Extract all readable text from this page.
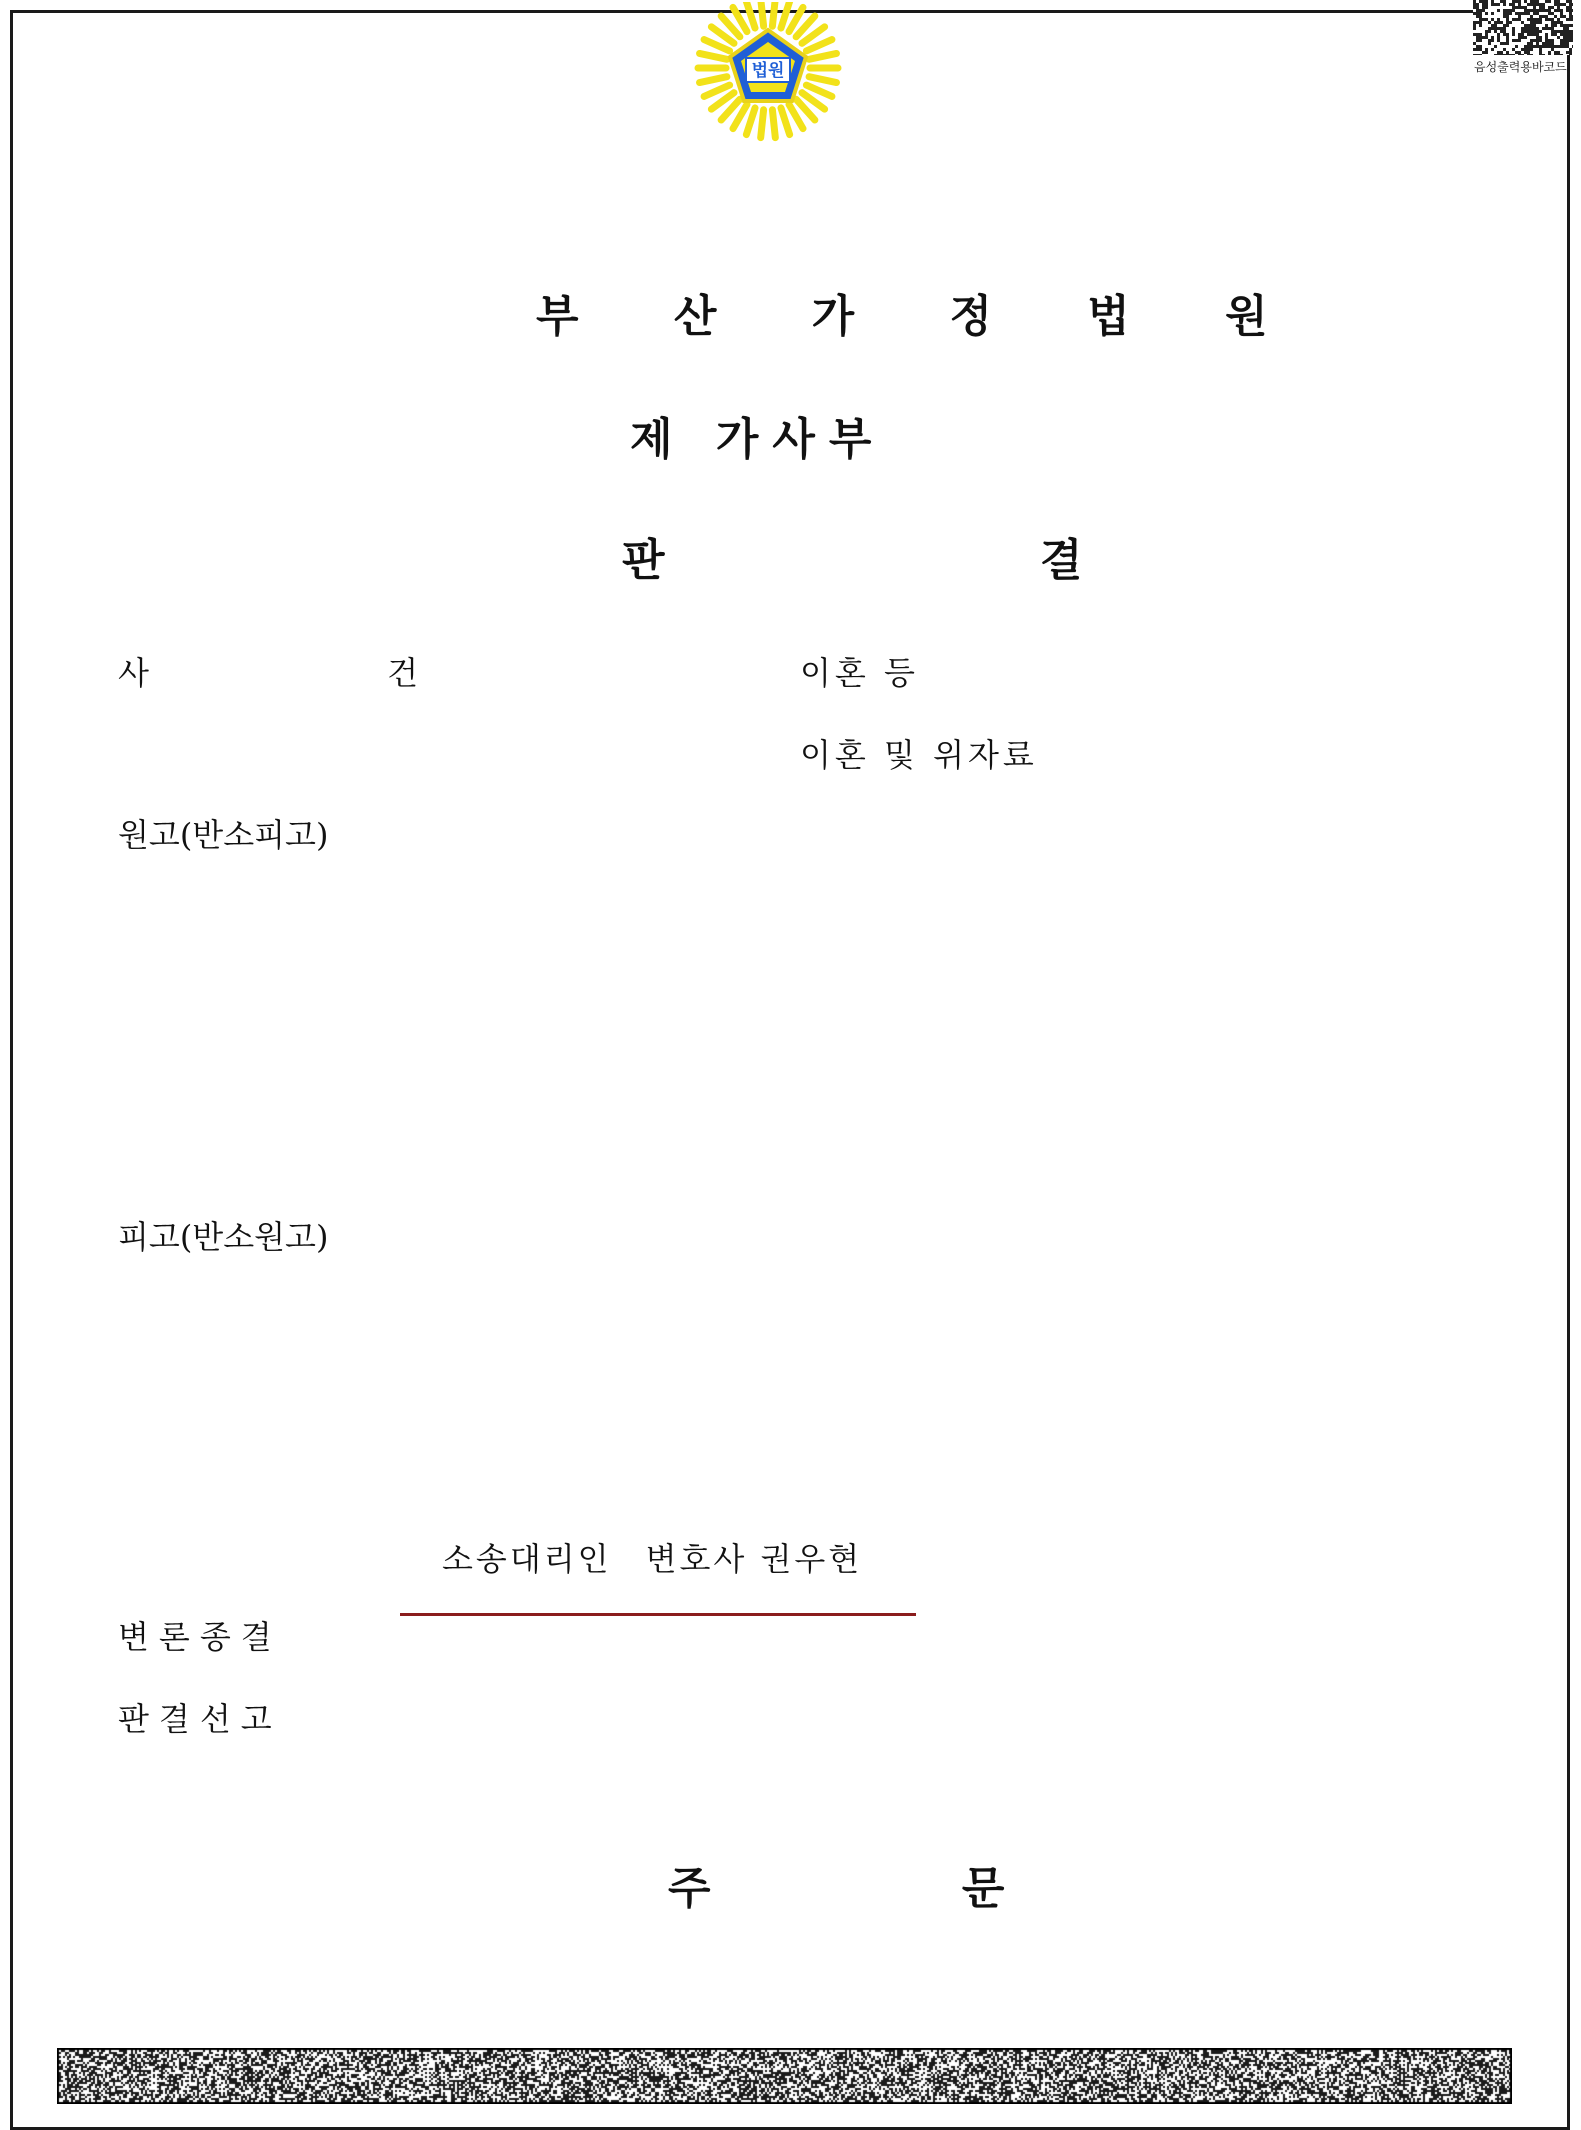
법원	음성출력용바코드
부 산 가 정 법 원
제 가사부
판 결
사 건	이혼 등
이혼 및 위자료
원고(반소피고)
피고(반소원고)
소송대리인 변호사 권우현
변론종결
판결선고
주 문
